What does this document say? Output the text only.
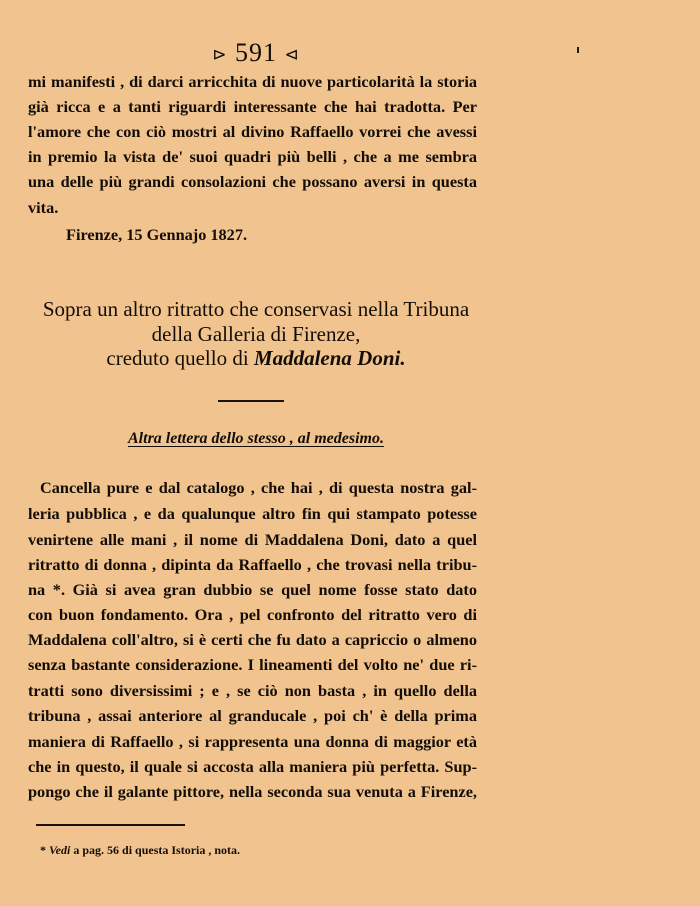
⊳ 591 ⊲
mi manifesti , di darci arricchita di nuove particolarità la storia
già ricca e a tanti riguardi interessante che hai tradotta. Per
l'amore che con ciò mostri al divino Raffaello vorrei che avessi
in premio la vista de' suoi quadri più belli , che a me sembra
una delle più grandi consolazioni che possano aversi in questa
vita.
Firenze, 15 Gennajo 1827.
Sopra un altro ritratto che conservasi nella Tribuna
della Galleria di Firenze,
creduto quello di Maddalena Doni.
Altra lettera dello stesso , al medesimo.
Cancella pure e dal catalogo , che hai , di questa nostra gal-
leria pubblica , e da qualunque altro fin qui stampato potesse
venirtene alle mani , il nome di Maddalena Doni, dato a quel
ritratto di donna , dipinta da Raffaello , che trovasi nella tribu-
na *. Già si avea gran dubbio se quel nome fosse stato dato
con buon fondamento. Ora , pel confronto del ritratto vero di
Maddalena coll'altro, si è certi che fu dato a capriccio o almeno
senza bastante considerazione. I lineamenti del volto ne' due ri-
tratti sono diversissimi ; e , se ciò non basta , in quello della
tribuna , assai anteriore al granducale , poi ch' è della prima
maniera di Raffaello , si rappresenta una donna di maggior età
che in questo, il quale si accosta alla maniera più perfetta. Sup-
pongo che il galante pittore, nella seconda sua venuta a Firenze,
* Vedi a pag. 56 di questa Istoria , nota.
